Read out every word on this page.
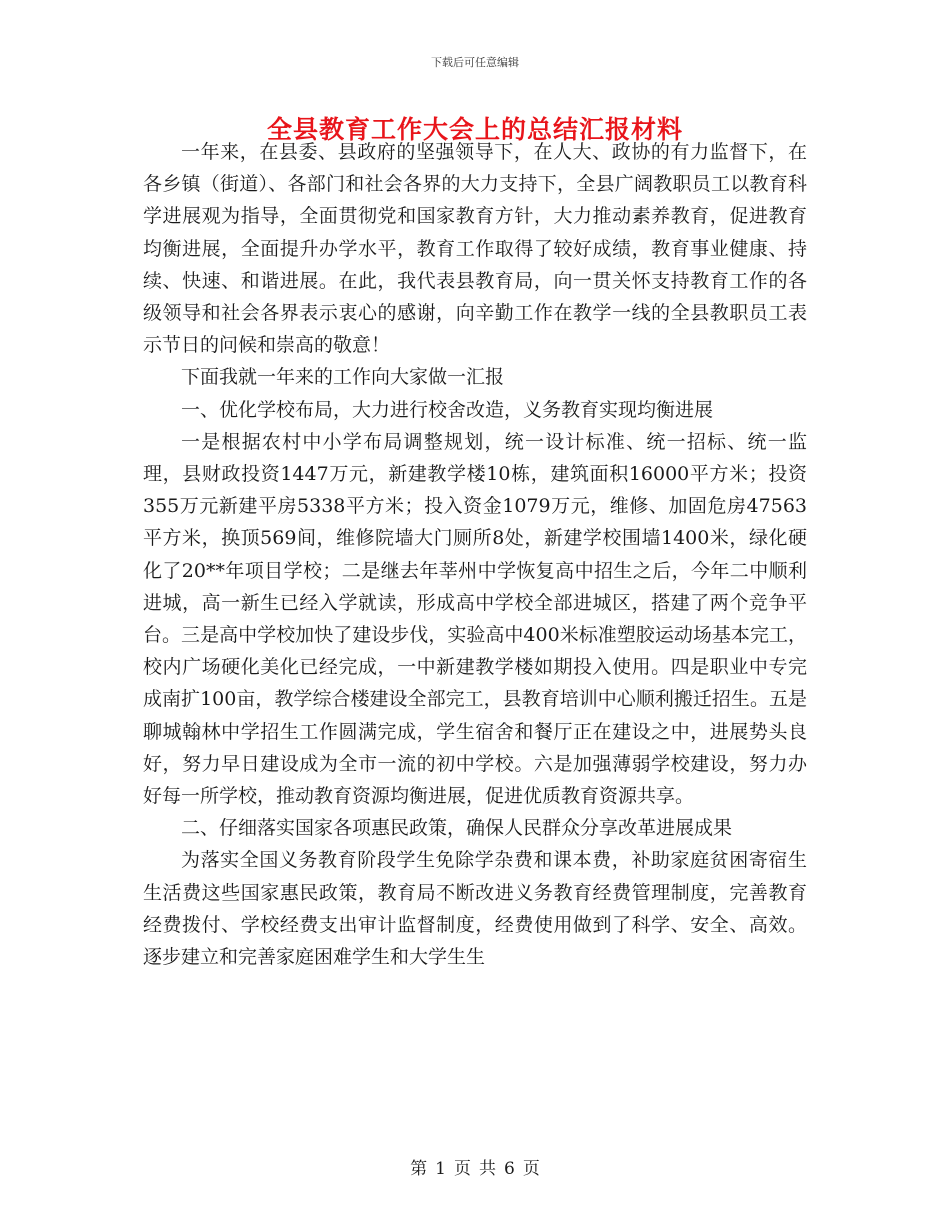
下载后可任意编辑
全县教育工作大会上的总结汇报材料

一年来，在县委、县政府的坚强领导下，在人大、政协的有力监督下，在各乡镇（街道）、各部门和社会各界的大力支持下，全县广阔教职员工以教育科学进展观为指导，全面贯彻党和国家教育方针，大力推动素养教育，促进教育均衡进展，全面提升办学水平，教育工作取得了较好成绩，教育事业健康、持续、快速、和谐进展。在此，我代表县教育局，向一贯关怀支持教育工作的各级领导和社会各界表示衷心的感谢，向辛勤工作在教学一线的全县教职员工表示节日的问候和崇高的敬意！

下面我就一年来的工作向大家做一汇报

一、优化学校布局，大力进行校舍改造，义务教育实现均衡进展

一是根据农村中小学布局调整规划，统一设计标准、统一招标、统一监理，县财政投资1447万元，新建教学楼10栋，建筑面积16000平方米；投资355万元新建平房5338平方米；投入资金1079万元，维修、加固危房47563平方米，换顶569间，维修院墙大门厕所8处，新建学校围墙1400米，绿化硬化了20**年项目学校；二是继去年莘州中学恢复高中招生之后，今年二中顺利进城，高一新生已经入学就读，形成高中学校全部进城区，搭建了两个竞争平台。三是高中学校加快了建设步伐，实验高中400米标准塑胶运动场基本完工，校内广场硬化美化已经完成，一中新建教学楼如期投入使用。四是职业中专完成南扩100亩，教学综合楼建设全部完工，县教育培训中心顺利搬迁招生。五是聊城翰林中学招生工作圆满完成，学生宿舍和餐厅正在建设之中，进展势头良好，努力早日建设成为全市一流的初中学校。六是加强薄弱学校建设，努力办好每一所学校，推动教育资源均衡进展，促进优质教育资源共享。

二、仔细落实国家各项惠民政策，确保人民群众分享改革进展成果

为落实全国义务教育阶段学生免除学杂费和课本费，补助家庭贫困寄宿生生活费这些国家惠民政策，教育局不断改进义务教育经费管理制度，完善教育经费拨付、学校经费支出审计监督制度，经费使用做到了科学、安全、高效。逐步建立和完善家庭困难学生和大学生生

第 1 页 共 6 页
